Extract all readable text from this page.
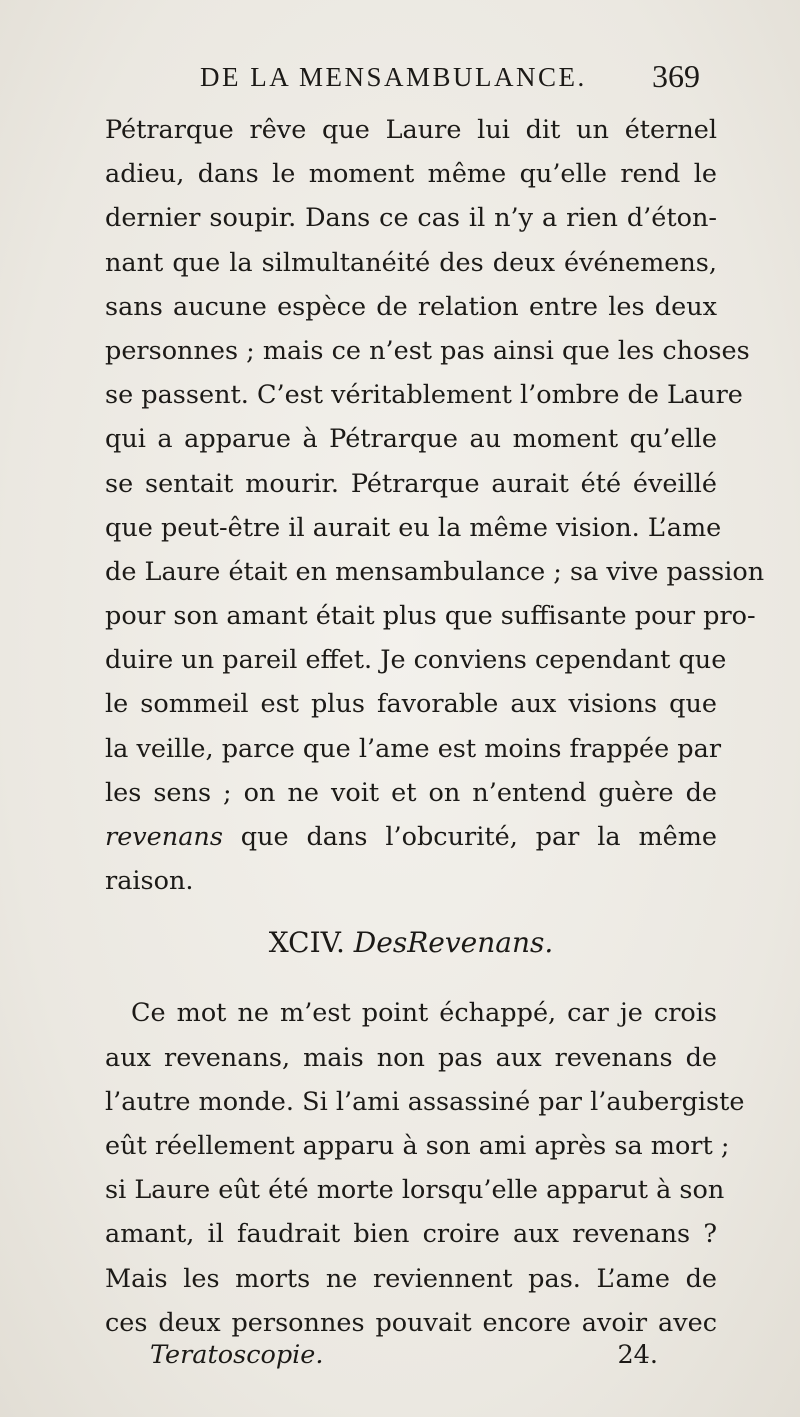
DE LA MENSAMBULANCE. 369
Pétrarque rêve que Laure lui dit un éternel
adieu, dans le moment même qu’elle rend le
dernier soupir. Dans ce cas il n’y a rien d’éton-
nant que la silmultanéité des deux événemens,
sans aucune espèce de relation entre les deux
personnes ; mais ce n’est pas ainsi que les choses
se passent. C’est véritablement l’ombre de Laure
qui a apparue à Pétrarque au moment qu’elle
se sentait mourir. Pétrarque aurait été éveillé
que peut-être il aurait eu la même vision. L’ame
de Laure était en mensambulance ; sa vive passion
pour son amant était plus que suffisante pour pro-
duire un pareil effet. Je conviens cependant que
le sommeil est plus favorable aux visions que
la veille, parce que l’ame est moins frappée par
les sens ; on ne voit et on n’entend guère de
revenans que dans l’obcurité, par la même
raison.
XCIV. DesRevenans.
Ce mot ne m’est point échappé, car je crois
aux revenans, mais non pas aux revenans de
l’autre monde. Si l’ami assassiné par l’aubergiste
eût réellement apparu à son ami après sa mort ;
si Laure eût été morte lorsqu’elle apparut à son
amant, il faudrait bien croire aux revenans ?
Mais les morts ne reviennent pas. L’ame de
ces deux personnes pouvait encore avoir avec
Teratoscopie.	24.
